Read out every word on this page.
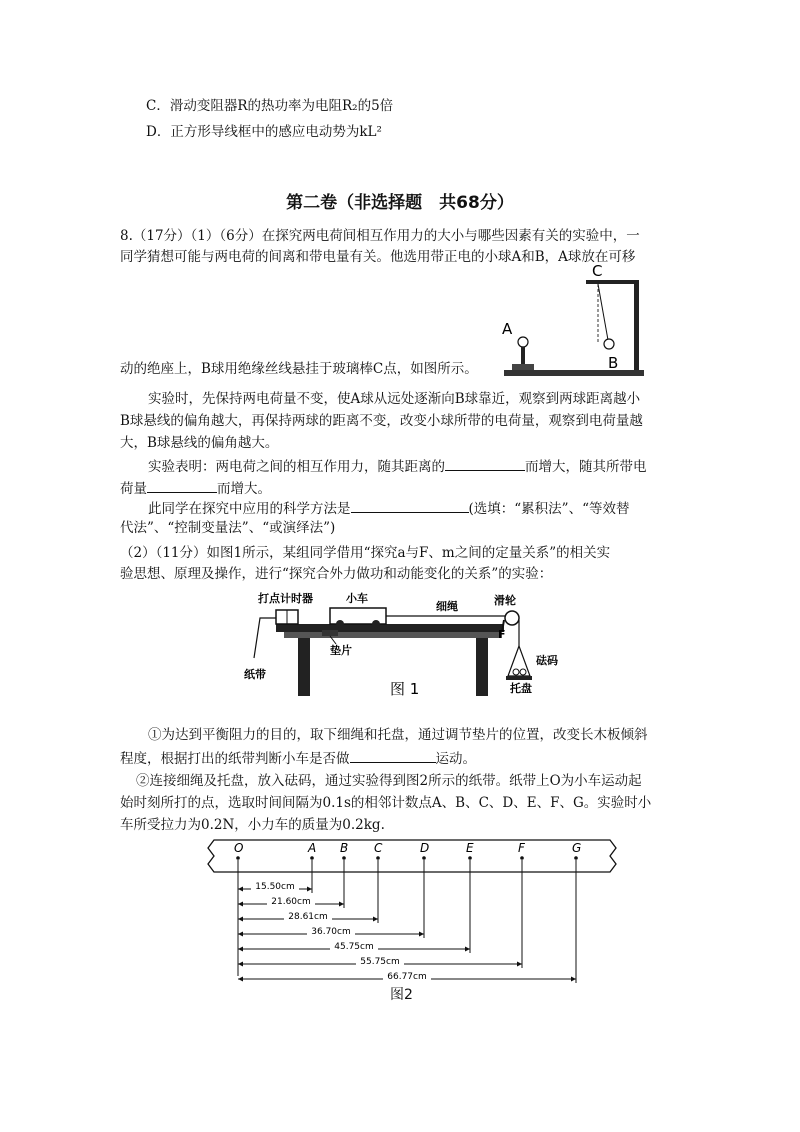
C．滑动变阻器R的热功率为电阻R₂的5倍
D．正方形导线框中的感应电动势为kL²
第二卷（非选择题　共68分）
8.（17分）（1）（6分）在探究两电荷间相互作用力的大小与哪些因素有关的实验中，一
同学猜想可能与两电荷的间离和带电量有关。他选用带正电的小球A和B，A球放在可移
A
B
C
动的绝座上，B球用绝缘丝线悬挂于玻璃棒C点，如图所示。
实验时，先保持两电荷量不变，使A球从远处逐渐向B球靠近，观察到两球距离越小
B球悬线的偏角越大，再保持两球的距离不变，改变小球所带的电荷量，观察到电荷量越
大，B球悬线的偏角越大。
实验表明：两电荷之间的相互作用力，随其距离的	而增大，随其所带电
荷量	而增大。
此同学在探究中应用的科学方法是	(选填：“累积法”、“等效替
代法”、“控制变量法”、“或演绎法”)
（2）（11分）如图1所示，某组同学借用“探究a与F、m之间的定量关系”的相关实
验思想、原理及操作，进行“探究合外力做功和动能变化的关系”的实验：
打点计时器	小车
细绳	滑轮
垫片
纸带
砝码
托盘
F
图 1
①为达到平衡阻力的目的，取下细绳和托盘，通过调节垫片的位置，改变长木板倾斜
程度，根据打出的纸带判断小车是否做	运动。
②连接细绳及托盘，放入砝码，通过实验得到图2所示的纸带。纸带上O为小车运动起
始时刻所打的点，选取时间间隔为0.1s的相邻计数点A、B、C、D、E、F、G。实验时小
车所受拉力为0.2N，小力车的质量为0.2kg.
O	A B C	D	E	F	G
15.50cm
21.60cm
28.61cm
36.70cm
45.75cm
55.75cm
66.77cm
图2
